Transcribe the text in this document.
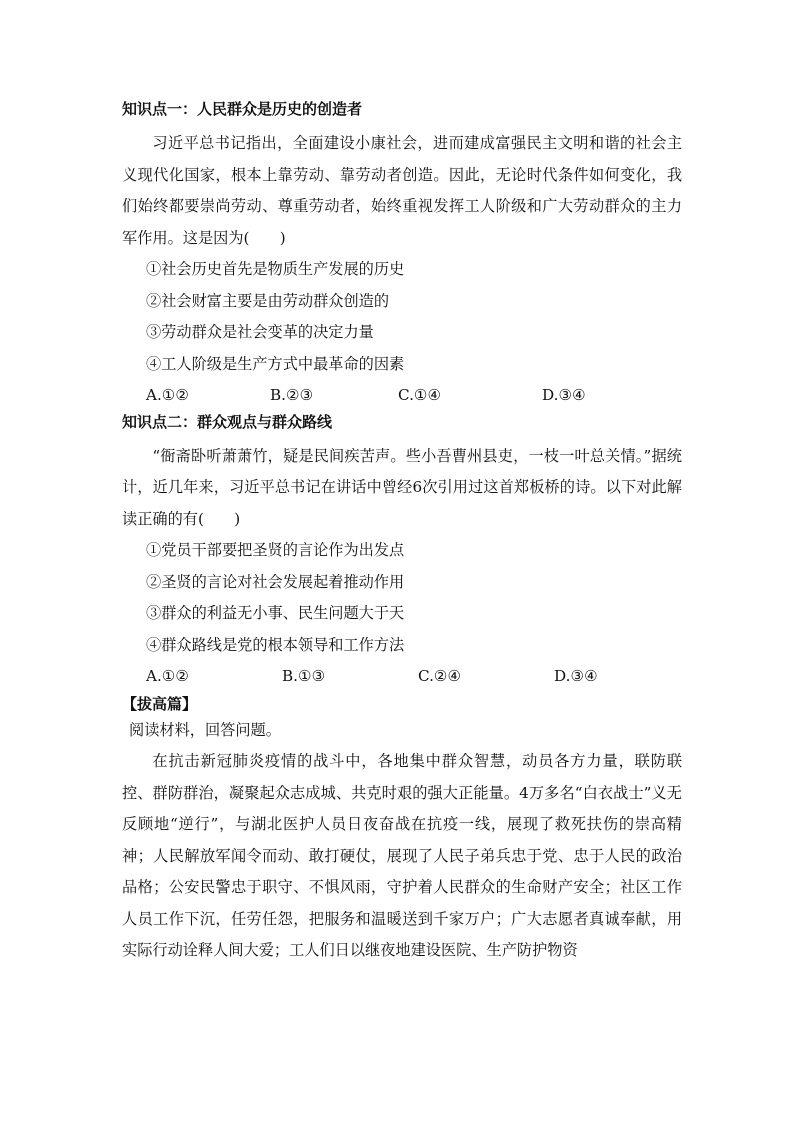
知识点一：人民群众是历史的创造者

习近平总书记指出，全面建设小康社会，进而建成富强民主文明和谐的社会主义现代化国家，根本上靠劳动、靠劳动者创造。因此，无论时代条件如何变化，我们始终都要崇尚劳动、尊重劳动者，始终重视发挥工人阶级和广大劳动群众的主力军作用。这是因为(　　)

①社会历史首先是物质生产发展的历史

②社会财富主要是由劳动群众创造的

③劳动群众是社会变革的决定力量

④工人阶级是生产方式中最革命的因素

A.①②	B.②③	C.①④	D.③④
知识点二：群众观点与群众路线

“衙斋卧听萧萧竹，疑是民间疾苦声。些小吾曹州县吏，一枝一叶总关情。”据统计，近几年来，习近平总书记在讲话中曾经6次引用过这首郑板桥的诗。以下对此解读正确的有(　　)

①党员干部要把圣贤的言论作为出发点

②圣贤的言论对社会发展起着推动作用

③群众的利益无小事、民生问题大于天

④群众路线是党的根本领导和工作方法

A.①②	B.①③	C.②④	D.③④
【拔高篇】

阅读材料，回答问题。

在抗击新冠肺炎疫情的战斗中，各地集中群众智慧，动员各方力量，联防联控、群防群治，凝聚起众志成城、共克时艰的强大正能量。4万多名“白衣战士”义无反顾地“逆行”，与湖北医护人员日夜奋战在抗疫一线，展现了救死扶伤的崇高精神；人民解放军闻令而动、敢打硬仗，展现了人民子弟兵忠于党、忠于人民的政治品格；公安民警忠于职守、不惧风雨，守护着人民群众的生命财产安全；社区工作人员工作下沉，任劳任怨，把服务和温暖送到千家万户；广大志愿者真诚奉献，用实际行动诠释人间大爱；工人们日以继夜地建设医院、生产防护物资
